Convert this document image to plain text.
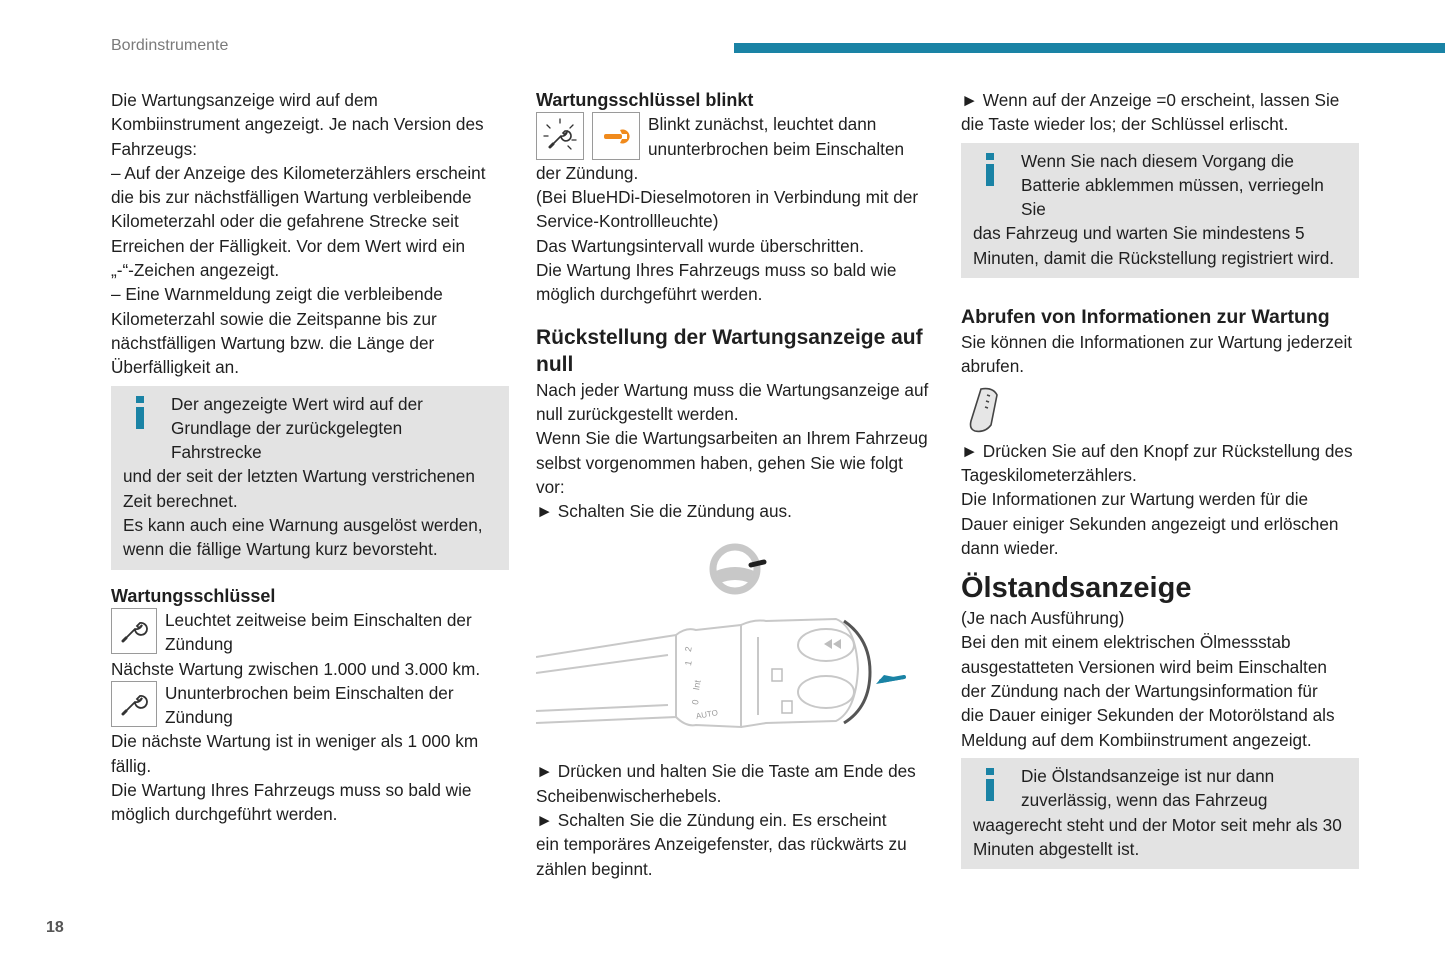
Bordinstrumente
18

Die Wartungsanzeige wird auf dem

Kombiinstrument angezeigt. Je nach Version des

Fahrzeugs:

– Auf der Anzeige des Kilometerzählers erscheint

die bis zur nächstfälligen Wartung verbleibende

Kilometerzahl oder die gefahrene Strecke seit

Erreichen der Fälligkeit. Vor dem Wert wird ein

„-“-Zeichen angezeigt.

– Eine Warnmeldung zeigt die verbleibende

Kilometerzahl sowie die Zeitspanne bis zur

nächstfälligen Wartung bzw. die Länge der

Überfälligkeit an.

Der angezeigte Wert wird auf der

Grundlage der zurückgelegten Fahrstrecke

und der seit der letzten Wartung verstrichenen

Zeit berechnet.

Es kann auch eine Warnung ausgelöst werden,

wenn die fällige Wartung kurz bevorsteht.

Wartungsschlüssel

Leuchtet zeitweise beim Einschalten der

Zündung

Nächste Wartung zwischen 1.000 und 3.000 km.

Ununterbrochen beim Einschalten der

Zündung

Die nächste Wartung ist in weniger als 1 000 km

fällig.

Die Wartung Ihres Fahrzeugs muss so bald wie

möglich durchgeführt werden.

Wartungsschlüssel blinkt

Blinkt zunächst, leuchtet dann

ununterbrochen beim Einschalten

der Zündung.

(Bei BlueHDi-Dieselmotoren in Verbindung mit der

Service-Kontrollleuchte)

Das Wartungsintervall wurde überschritten.

Die Wartung Ihres Fahrzeugs muss so bald wie

möglich durchgeführt werden.

Rückstellung der Wartungsanzeige auf

null

Nach jeder Wartung muss die Wartungsanzeige auf

null zurückgestellt werden.

Wenn Sie die Wartungsarbeiten an Ihrem Fahrzeug

selbst vorgenommen haben, gehen Sie wie folgt

vor:

► Schalten Sie die Zündung aus.

2
1
Int
0
AUTO

► Drücken und halten Sie die Taste am Ende des

Scheibenwischerhebels.

► Schalten Sie die Zündung ein. Es erscheint

ein temporäres Anzeigefenster, das rückwärts zu

zählen beginnt.

► Wenn auf der Anzeige =0 erscheint, lassen Sie

die Taste wieder los; der Schlüssel erlischt.

Wenn Sie nach diesem Vorgang die

Batterie abklemmen müssen, verriegeln Sie

das Fahrzeug und warten Sie mindestens 5

Minuten, damit die Rückstellung registriert wird.

Abrufen von Informationen zur Wartung

Sie können die Informationen zur Wartung jederzeit

abrufen.

► Drücken Sie auf den Knopf zur Rückstellung des

Tageskilometerzählers.

Die Informationen zur Wartung werden für die

Dauer einiger Sekunden angezeigt und erlöschen

dann wieder.

Ölstandsanzeige

(Je nach Ausführung)

Bei den mit einem elektrischen Ölmessstab

ausgestatteten Versionen wird beim Einschalten

der Zündung nach der Wartungsinformation für

die Dauer einiger Sekunden der Motorölstand als

Meldung auf dem Kombiinstrument angezeigt.

Die Ölstandsanzeige ist nur dann

zuverlässig, wenn das Fahrzeug

waagerecht steht und der Motor seit mehr als 30

Minuten abgestellt ist.
